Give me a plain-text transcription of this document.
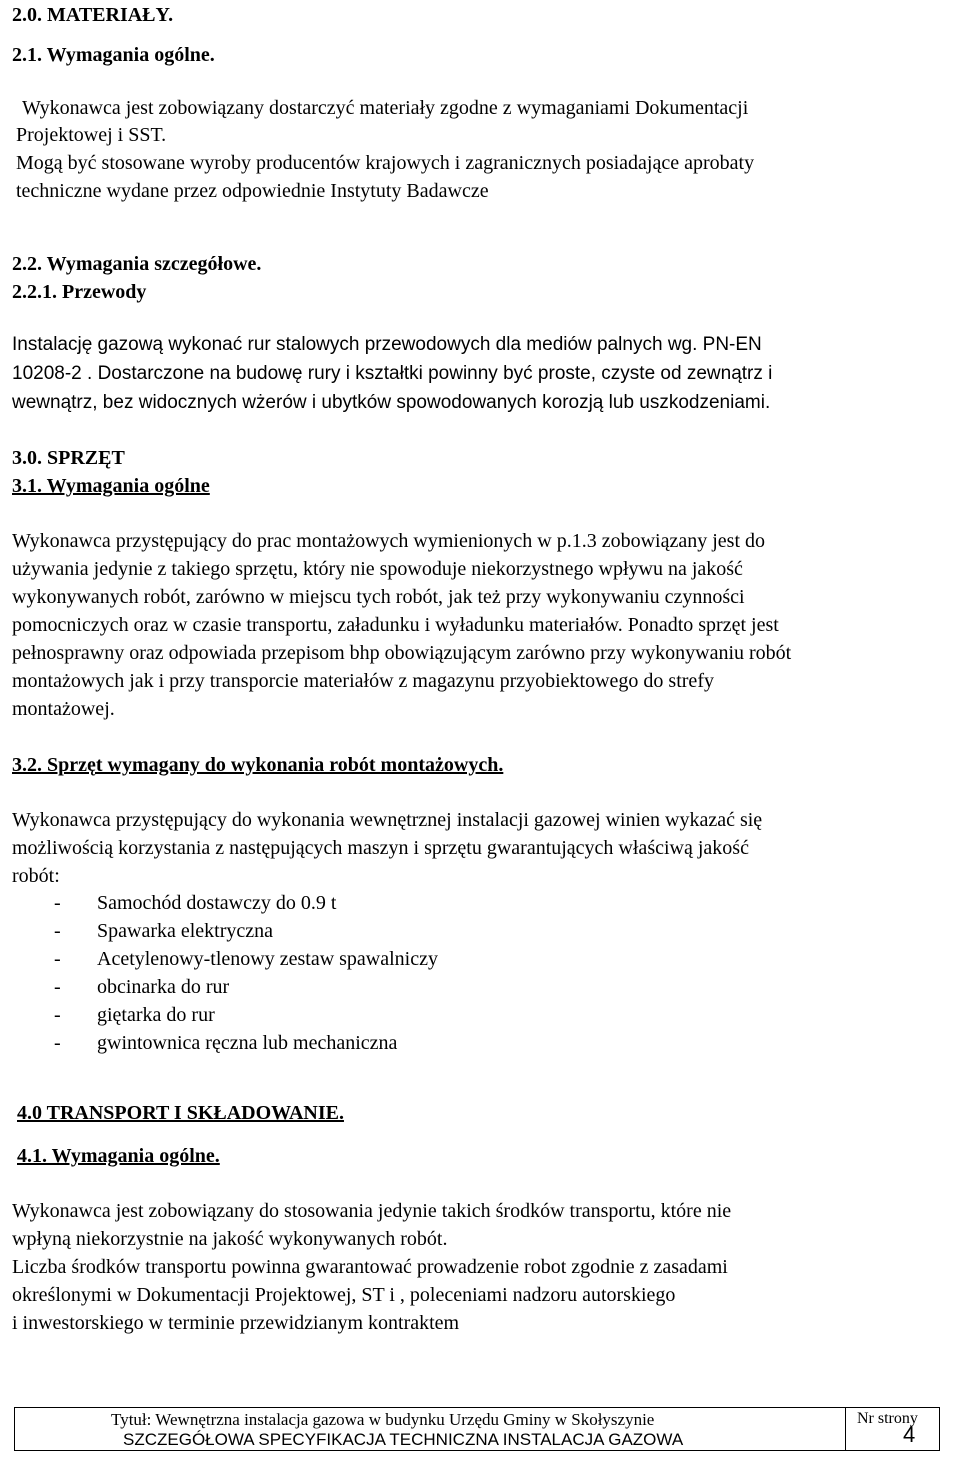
2.0. MATERIAŁY.
2.1. Wymagania ogólne.
Wykonawca jest zobowiązany dostarczyć materiały zgodne z wymaganiami Dokumentacji
Projektowej i SST.
Mogą być stosowane wyroby producentów krajowych i zagranicznych posiadające aprobaty
techniczne wydane przez odpowiednie Instytuty Badawcze
2.2. Wymagania szczegółowe.
2.2.1. Przewody
Instalację gazową wykonać rur stalowych przewodowych dla mediów palnych wg. PN-EN
10208-2 . Dostarczone na budowę rury i kształtki powinny być proste, czyste od zewnątrz i
wewnątrz, bez widocznych wżerów i ubytków spowodowanych korozją lub uszkodzeniami.
3.0. SPRZĘT
3.1. Wymagania ogólne
Wykonawca przystępujący do prac montażowych wymienionych w p.1.3 zobowiązany jest do
używania jedynie z takiego sprzętu, który nie spowoduje niekorzystnego wpływu na jakość
wykonywanych robót, zarówno w miejscu tych robót, jak też przy wykonywaniu czynności
pomocniczych oraz w czasie transportu, załadunku i wyładunku materiałów. Ponadto sprzęt jest
pełnosprawny oraz odpowiada przepisom bhp obowiązującym zarówno przy wykonywaniu robót
montażowych jak i przy transporcie materiałów z magazynu przyobiektowego do strefy
montażowej.
3.2. Sprzęt wymagany do wykonania robót montażowych.
Wykonawca przystępujący do wykonania wewnętrznej instalacji gazowej winien wykazać się
możliwością korzystania z następujących maszyn i sprzętu gwarantujących właściwą jakość
robót:
- Samochód dostawczy do 0.9 t
- Spawarka elektryczna
- Acetylenowy-tlenowy zestaw spawalniczy
- obcinarka do rur
- giętarka do rur
- gwintownica ręczna lub mechaniczna
4.0 TRANSPORT I SKŁADOWANIE.
4.1. Wymagania ogólne.
Wykonawca jest zobowiązany do stosowania jedynie takich środków transportu, które nie
wpłyną niekorzystnie na jakość wykonywanych robót.
Liczba środków transportu powinna gwarantować prowadzenie robot zgodnie z zasadami
określonymi w Dokumentacji Projektowej, ST i , poleceniami nadzoru autorskiego
i inwestorskiego w terminie przewidzianym kontraktem
Tytuł: Wewnętrzna instalacja gazowa w budynku Urzędu Gminy w Skołyszynie
SZCZEGÓŁOWA SPECYFIKACJA TECHNICZNA INSTALACJA GAZOWA
Nr strony
4
